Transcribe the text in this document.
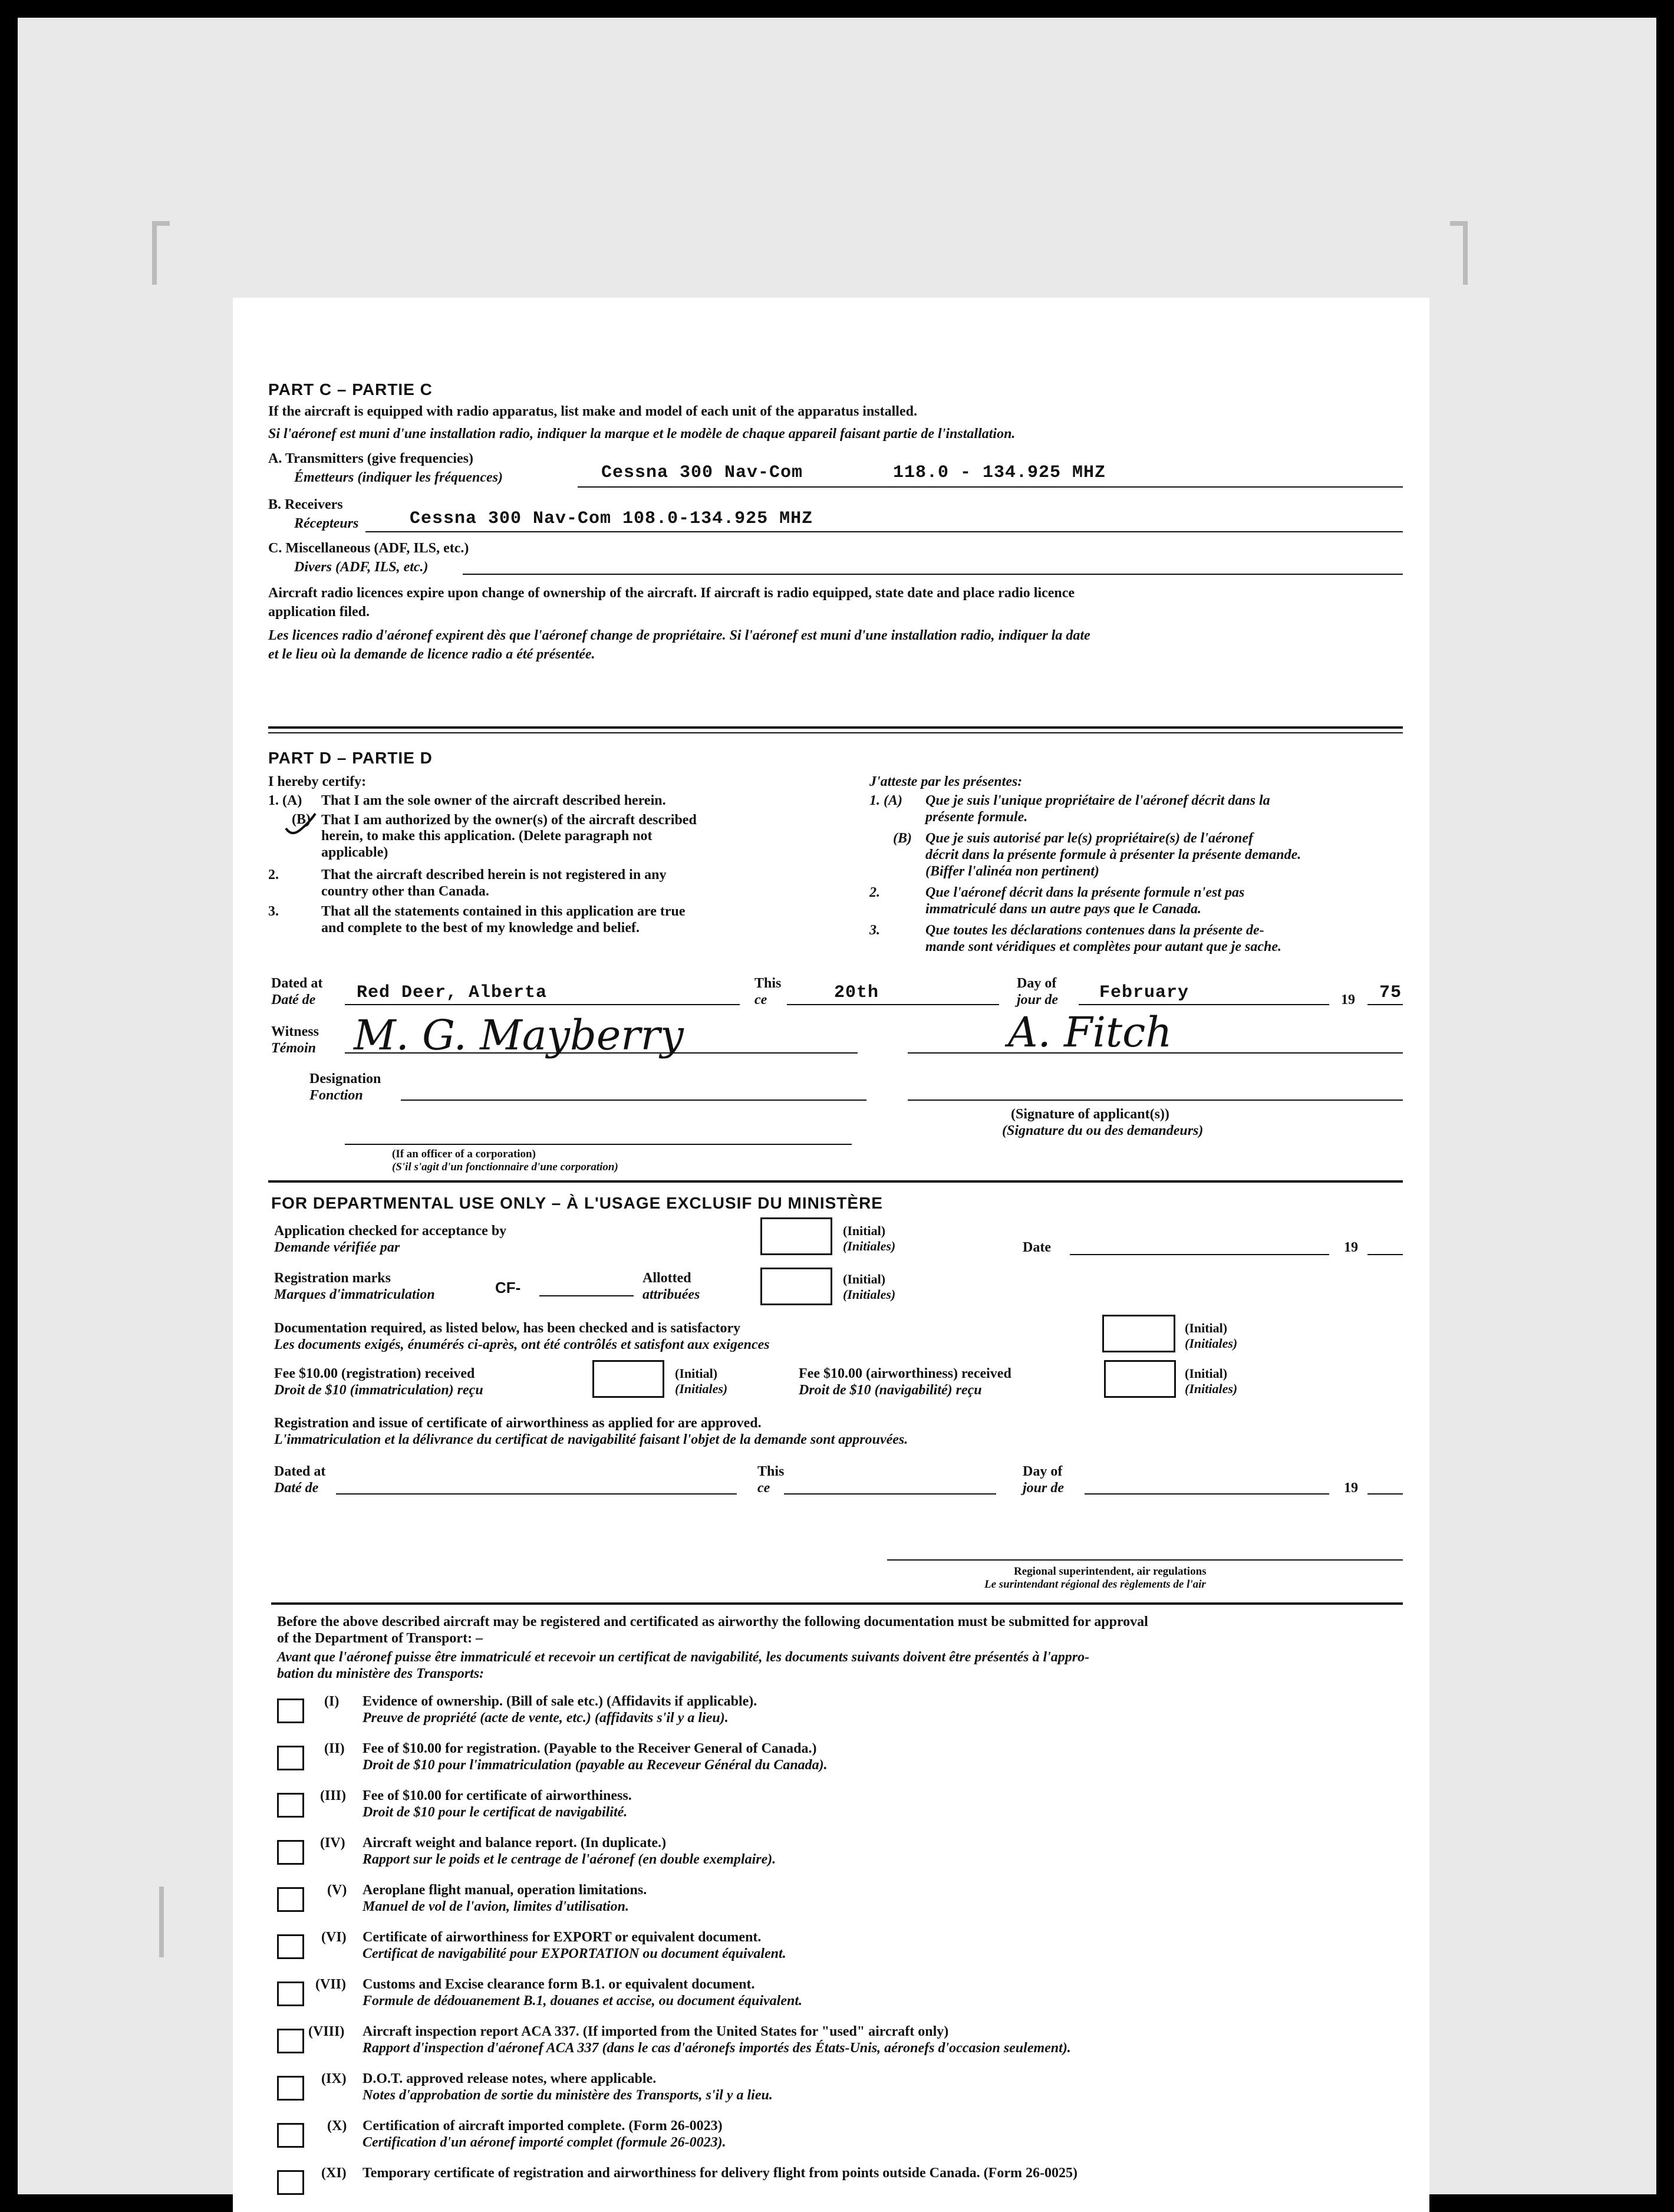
PART C – PARTIE C
If the aircraft is equipped with radio apparatus, list make and model of each unit of the apparatus installed.
Si l'aéronef est muni d'une installation radio, indiquer la marque et le modèle de chaque appareil faisant partie de l'installation.
A. Transmitters (give frequencies)
Émetteurs (indiquer les fréquences)	Cessna 300 Nav-Com	118.0 - 134.925 MHZ
B. Receivers
Récepteurs	Cessna 300 Nav-Com 108.0-134.925 MHZ
C. Miscellaneous (ADF, ILS, etc.)
Divers (ADF, ILS, etc.)
Aircraft radio licences expire upon change of ownership of the aircraft. If aircraft is radio equipped, state date and place radio licence
application filed.
Les licences radio d'aéronef expirent dès que l'aéronef change de propriétaire. Si l'aéronef est muni d'une installation radio, indiquer la date
et le lieu où la demande de licence radio a été présentée.
PART D – PARTIE D
I hereby certify:
1. (A) That I am the sole owner of the aircraft described herein.
(B) That I am authorized by the owner(s) of the aircraft described
herein, to make this application. (Delete paragraph not
applicable)
2.	That the aircraft described herein is not registered in any
country other than Canada.
3.	That all the statements contained in this application are true
and complete to the best of my knowledge and belief.
J'atteste par les présentes:
1. (A) Que je suis l'unique propriétaire de l'aéronef décrit dans la
présente formule.
(B) Que je suis autorisé par le(s) propriétaire(s) de l'aéronef
décrit dans la présente formule à présenter la présente demande.
(Biffer l'alinéa non pertinent)
2.	Que l'aéronef décrit dans la présente formule n'est pas
immatriculé dans un autre pays que le Canada.
3.	Que toutes les déclarations contenues dans la présente de-
mande sont véridiques et complètes pour autant que je sache.
Dated at
Daté de Red Deer, Alberta	This
ce	20th	Day of
jour de February	19 75
Witness
Témoin M. G. Mayberry	A. Fitch
Designation
Fonction
(Signature of applicant(s))
(Signature du ou des demandeurs)
(If an officer of a corporation)
(S'il s'agit d'un fonctionnaire d'une corporation)
FOR DEPARTMENTAL USE ONLY – À L'USAGE EXCLUSIF DU MINISTÈRE
Application checked for acceptance by
Demande vérifiée par
(Initial)
(Initiales)	Date	19
Registration marks
Marques d'immatriculation	CF-
Allotted
attribuées
(Initial)
(Initiales)
Documentation required, as listed below, has been checked and is satisfactory
Les documents exigés, énumérés ci-après, ont été contrôlés et satisfont aux exigences
(Initial)
(Initiales)
Fee $10.00 (registration) received
Droit de $10 (immatriculation) reçu
(Initial)
(Initiales)
Fee $10.00 (airworthiness) received
Droit de $10 (navigabilité) reçu
(Initial)
(Initiales)
Registration and issue of certificate of airworthiness as applied for are approved.
L'immatriculation et la délivrance du certificat de navigabilité faisant l'objet de la demande sont approuvées.
Dated at
Daté de
This
ce
Day of
jour de	19
Regional superintendent, air regulations
Le surintendant régional des règlements de l'air
Before the above described aircraft may be registered and certificated as airworthy the following documentation must be submitted for approval
of the Department of Transport: –
Avant que l'aéronef puisse être immatriculé et recevoir un certificat de navigabilité, les documents suivants doivent être présentés à l'appro-
bation du ministère des Transports:
(I) Evidence of ownership. (Bill of sale etc.) (Affidavits if applicable).
Preuve de propriété (acte de vente, etc.) (affidavits s'il y a lieu).
(II) Fee of $10.00 for registration. (Payable to the Receiver General of Canada.)
Droit de $10 pour l'immatriculation (payable au Receveur Général du Canada).
(III) Fee of $10.00 for certificate of airworthiness.
Droit de $10 pour le certificat de navigabilité.
(IV) Aircraft weight and balance report. (In duplicate.)
Rapport sur le poids et le centrage de l'aéronef (en double exemplaire).
(V) Aeroplane flight manual, operation limitations.
Manuel de vol de l'avion, limites d'utilisation.
(VI) Certificate of airworthiness for EXPORT or equivalent document.
Certificat de navigabilité pour EXPORTATION ou document équivalent.
(VII) Customs and Excise clearance form B.1. or equivalent document.
Formule de dédouanement B.1, douanes et accise, ou document équivalent.
(VIII) Aircraft inspection report ACA 337. (If imported from the United States for "used" aircraft only)
Rapport d'inspection d'aéronef ACA 337 (dans le cas d'aéronefs importés des États-Unis, aéronefs d'occasion seulement).
(IX) D.O.T. approved release notes, where applicable.
Notes d'approbation de sortie du ministère des Transports, s'il y a lieu.
(X) Certification of aircraft imported complete. (Form 26-0023)
Certification d'un aéronef importé complet (formule 26-0023).
(XI) Temporary certificate of registration and airworthiness for delivery flight from points outside Canada. (Form 26-0025)
